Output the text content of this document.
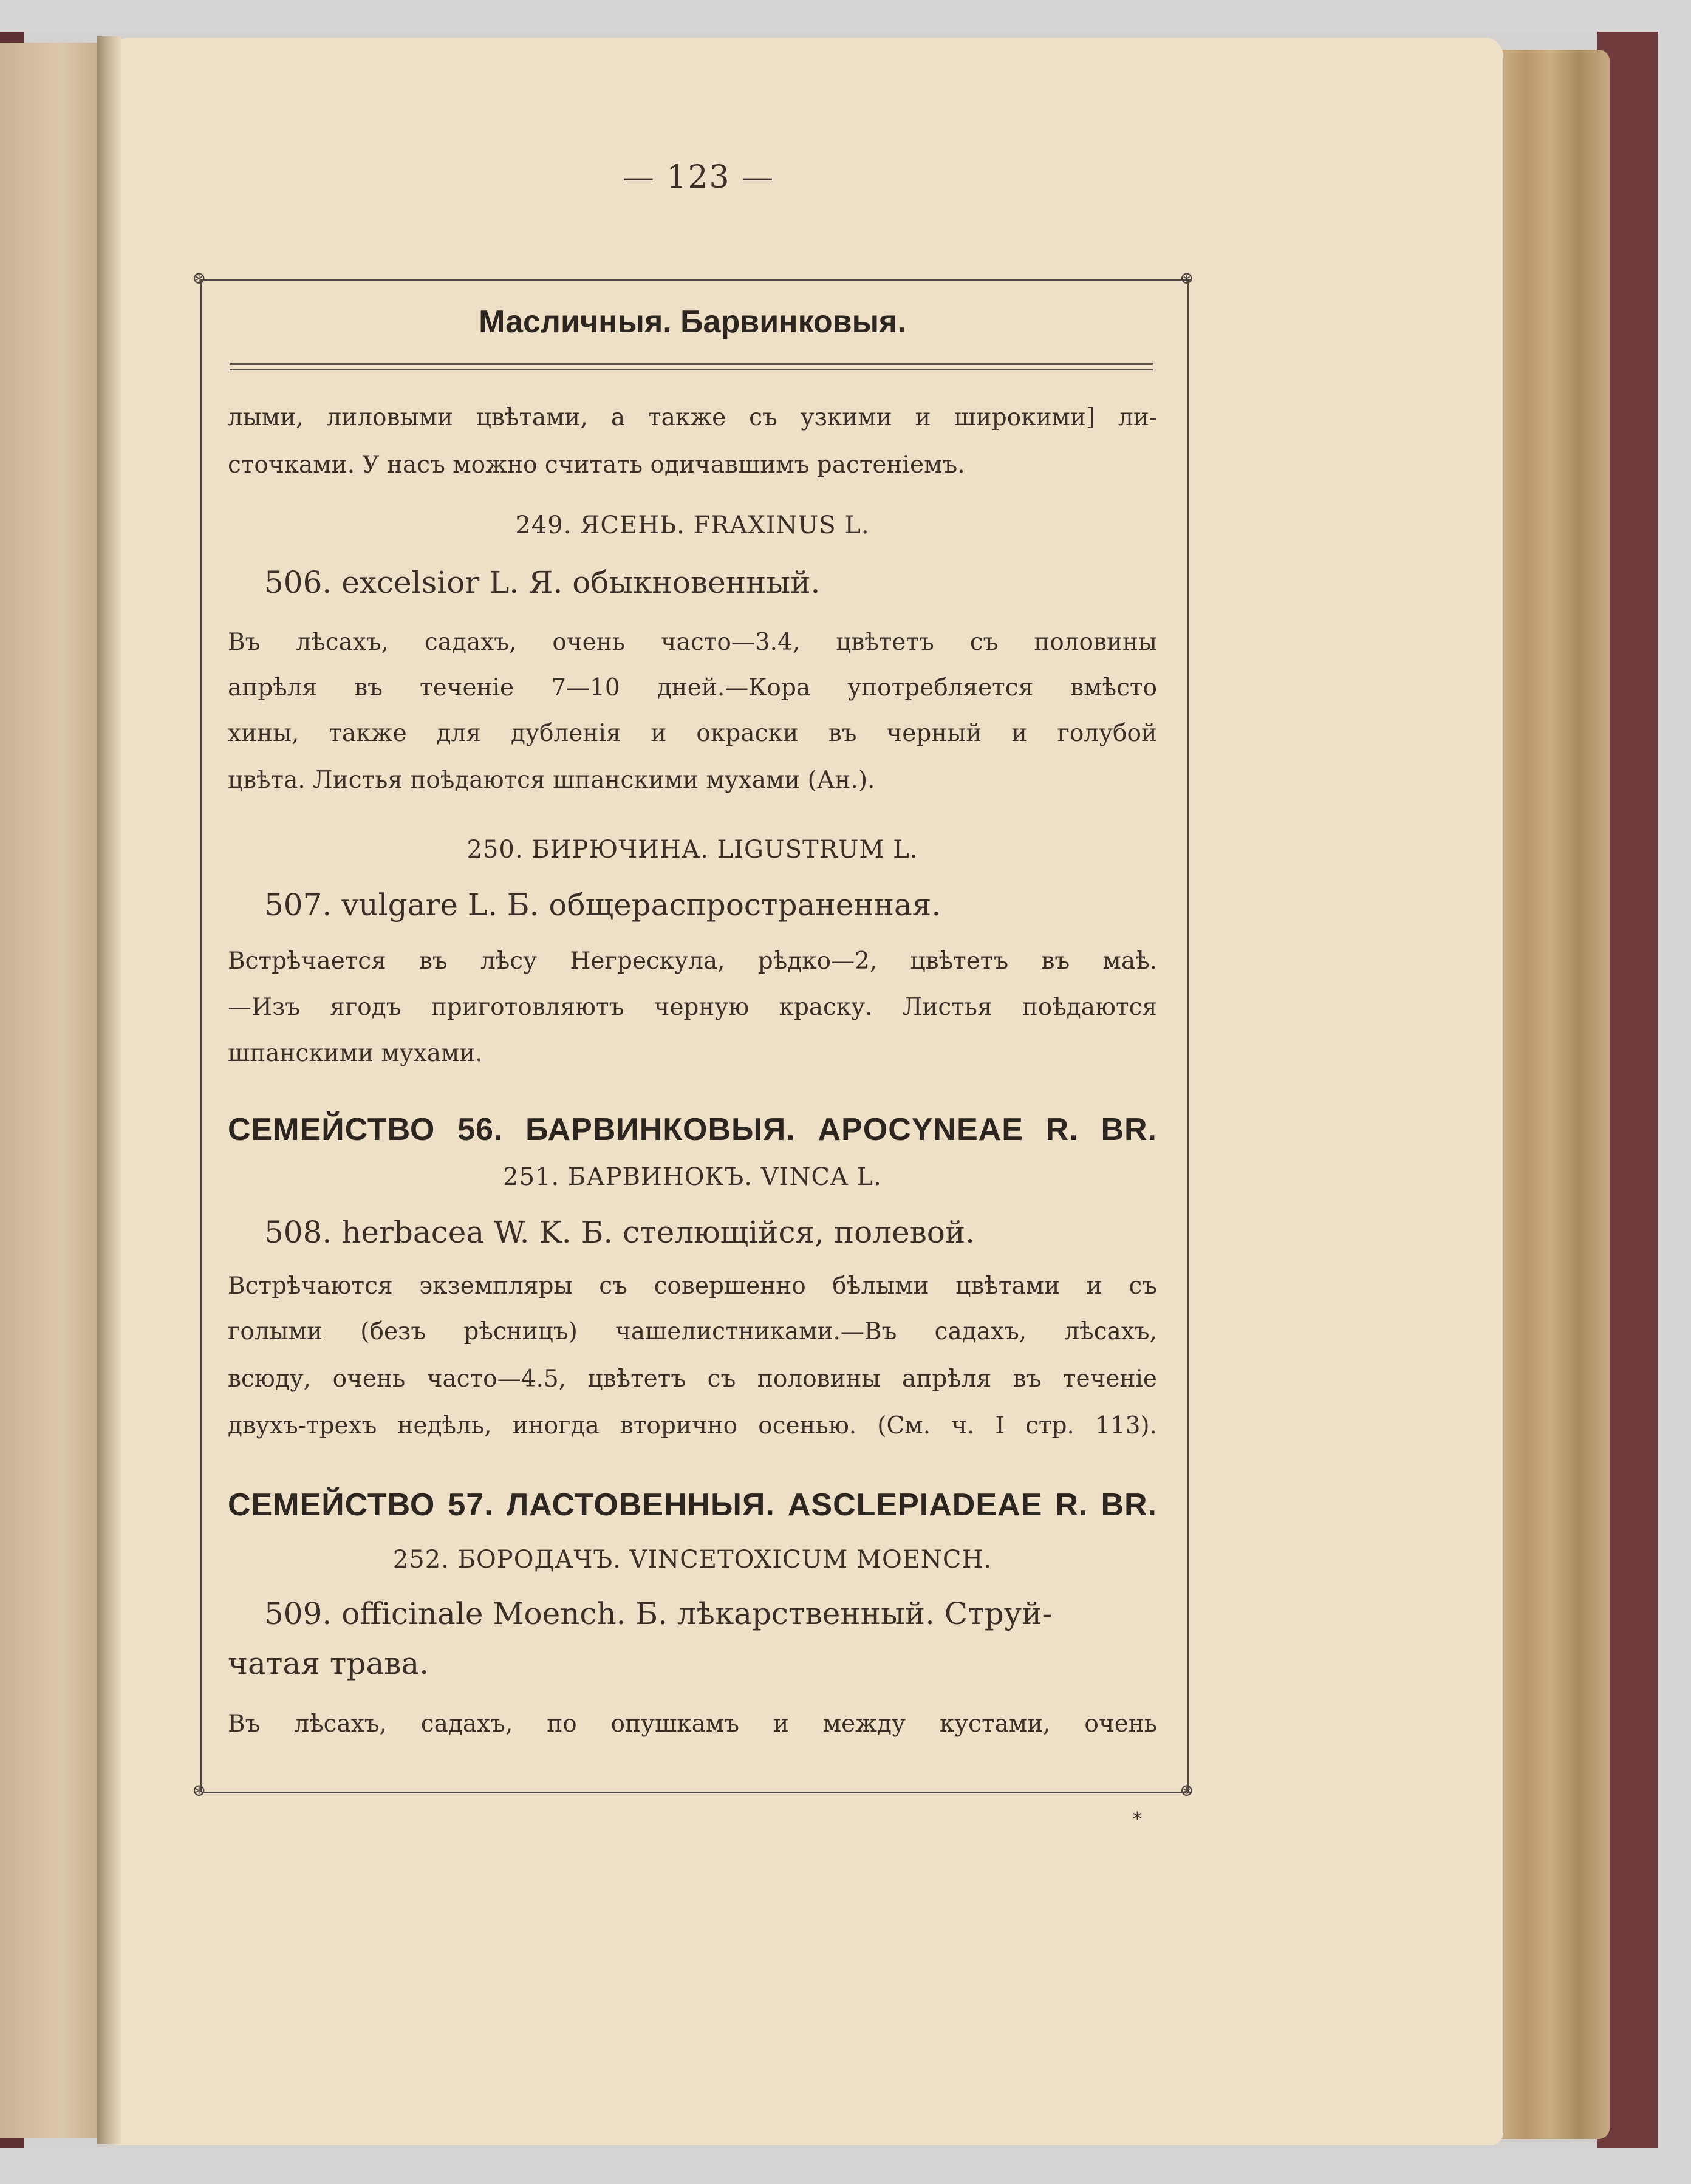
— 123 —
⊛	⊛
⊛	⊛
Масличныя. Барвинковыя.
лыми, лиловыми цвѣтами, а также съ узкими и широкими] ли-
сточками. У насъ можно считать одичавшимъ растеніемъ.
249. ЯСЕНЬ. FRAXINUS L.
506. excelsior L. Я. обыкновенный.
Въ лѣсахъ, садахъ, очень часто—3.4, цвѣтетъ съ половины
апрѣля въ теченіе 7—10 дней.—Кора употребляется вмѣсто
хины, также для дубленія и окраски въ черный и голубой
цвѣта. Листья поѣдаются шпанскими мухами (Ан.).
250. БИРЮЧИНА. LIGUSTRUM L.
507. vulgare L. Б. общераспространенная.
Встрѣчается въ лѣсу Негрескула, рѣдко—2, цвѣтетъ въ маѣ.
—Изъ ягодъ приготовляютъ черную краску. Листья поѣдаются
шпанскими мухами.
СЕМЕЙСТВО 56. БАРВИНКОВЫЯ. APOCYNEAE R. BR.
251. БАРВИНОКЪ. VINCA L.
508. herbacea W. K. Б. стелющійся, полевой.
Встрѣчаются экземпляры съ совершенно бѣлыми цвѣтами и съ
голыми (безъ рѣсницъ) чашелистниками.—Въ садахъ, лѣсахъ,
всюду, очень часто—4.5, цвѣтетъ съ половины апрѣля въ теченіе
двухъ-трехъ недѣль, иногда вторично осенью. (См. ч. I стр. 113).
СЕМЕЙСТВО 57. ЛАСТОВЕННЫЯ. ASCLEPIADEAE R. BR.
252. БОРОДАЧЪ. VINCETOXICUM MOENCH.
509. officinale Moench. Б. лѣкарственный. Струй-
чатая трава.
Въ лѣсахъ, садахъ, по опушкамъ и между кустами, очень
*
